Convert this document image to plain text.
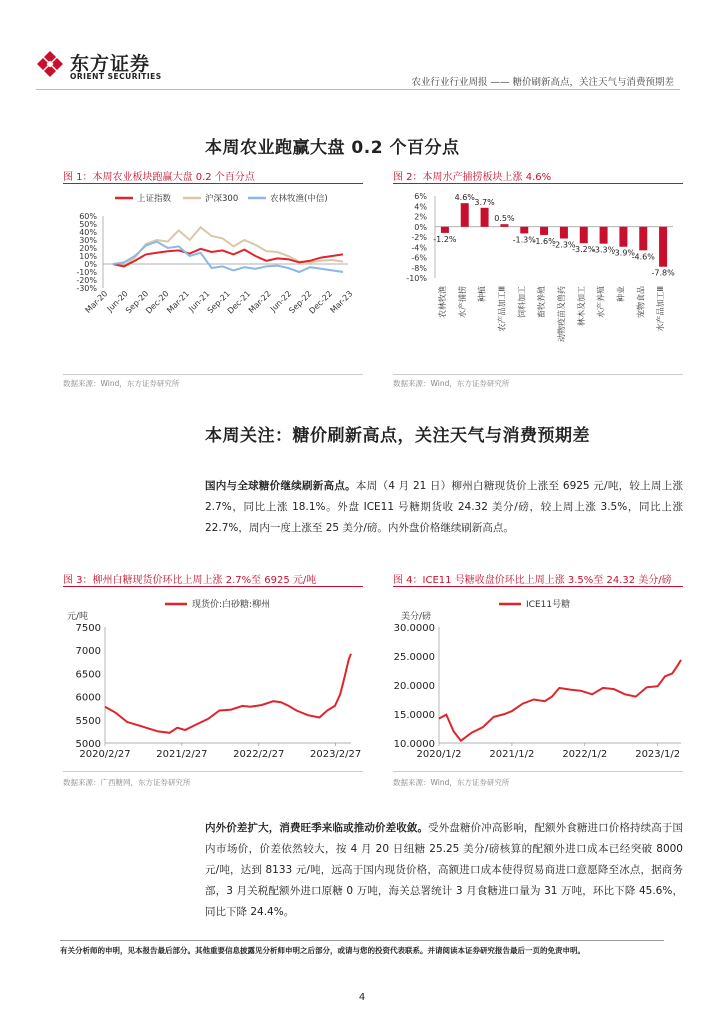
东方证券
ORIENT SECURITIES
农业行业行业周报 —— 糖价刷新高点，关注天气与消费预期差
本周农业跑赢大盘 0.2 个百分点
图 1：本周农业板块跑赢大盘 0.2 个百分点
上证指数	沪深300	农林牧渔(中信)
60%
50%
40%
30%
20%
10%
0%
-10%
-20%
-30%
Mar-20
Jun-20
Sep-20
Dec-20
Mar-21
Jun-21
Sep-21
Dec-21
Mar-22
Jun-22
Sep-22
Dec-22
Mar-23
数据来源：Wind，东方证券研究所
图 2：本周水产捕捞板块上涨 4.6%
6%
4%
2%
0%
-2%
-4%
-6%
-8%
-10%
-1.2%
农林牧渔
4.6%
水产捕捞
3.7%
种植
0.5%
农产品加工Ⅲ
-1.3%
饲料加工
-1.6%
畜牧养殖
-2.3%
动物疫苗及兽药
-3.2%
林木及加工
-3.3%
水产养殖
-3.9%
种业
-4.6%
宠物食品
-7.8%
水产品加工Ⅲ
数据来源：Wind，东方证券研究所
本周关注：糖价刷新高点，关注天气与消费预期差
国内与全球糖价继续刷新高点。本周（4 月 21 日）柳州白糖现货价上涨至 6925 元/吨，较上周上涨 2.7%，同比上涨 18.1%。外盘 ICE11 号糖期货收 24.32 美分/磅，较上周上涨 3.5%，同比上涨 22.7%，周内一度上涨至 25 美分/磅。内外盘价格继续刷新高点。
图 3：柳州白糖现货价环比上周上涨 2.7%至 6925 元/吨
现货价:白砂糖:柳州
元/吨
7500
7000
6500
6000
5500
5000
2020/2/27	2021/2/27	2022/2/27	2023/2/27
数据来源：广西糖网，东方证券研究所
图 4：ICE11 号糖收盘价环比上周上涨 3.5%至 24.32 美分/磅
ICE11号糖
美分/磅
30.0000
25.0000
20.0000
15.0000
10.0000
2020/1/2	2021/1/2	2022/1/2	2023/1/2
数据来源：Wind，东方证券研究所
内外价差扩大，消费旺季来临或推动价差收敛。受外盘糖价冲高影响，配额外食糖进口价格持续高于国内市场价，价差依然较大，按 4 月 20 日纽糖 25.25 美分/磅核算的配额外进口成本已经突破 8000 元/吨，达到 8133 元/吨，远高于国内现货价格，高额进口成本使得贸易商进口意愿降至冰点，据商务部，3 月关税配额外进口原糖 0 万吨，海关总署统计 3 月食糖进口量为 31 万吨，环比下降 45.6%，同比下降 24.4%。
有关分析师的申明，见本报告最后部分。其他重要信息披露见分析师申明之后部分，或请与您的投资代表联系。并请阅读本证券研究报告最后一页的免责申明。
4
